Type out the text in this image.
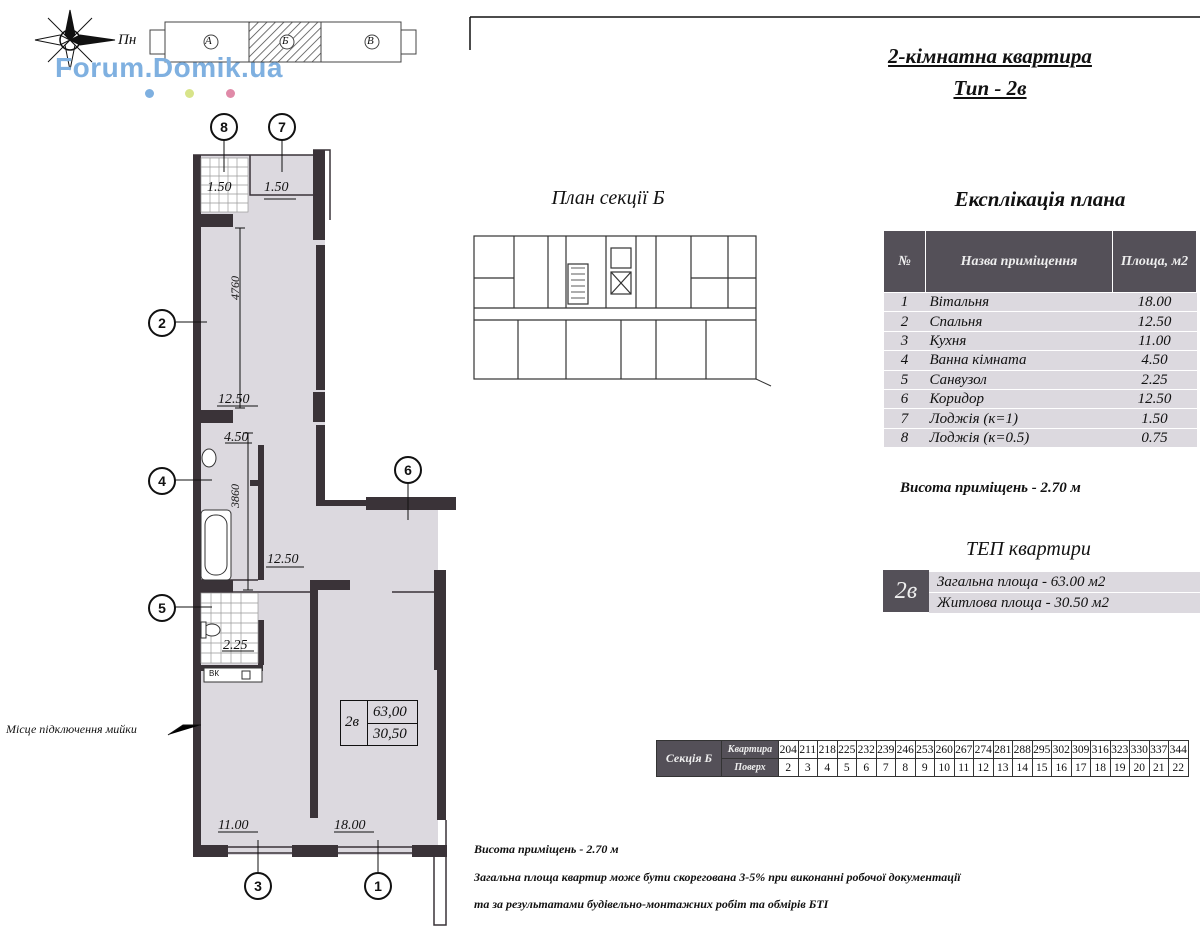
1.50 1.50
12.50
4.50
12.50
2.25
11.00	18.00
4760
3860
ВК
8	7
2
4
5
6
3	1
2в
63,00
30,50
Місце підключення мийки
Forum.Domik.ua
Пн	А	Б	В
2-кімнатна квартира
Тип - 2в
План секції Б	Експлікація плана
№	Назва приміщення	Площа, м2
1	Вітальня	18.00
2	Спальня	12.50
3	Кухня	11.00
4	Ванна кімната	4.50
5	Санвузол	2.25
6	Коридор	12.50
7	Лоджія (к=1)	1.50
8	Лоджія (к=0.5)	0.75
Висота приміщень - 2.70 м
ТЕП квартири
2в	Загальна площа - 63.00 м2
Житлова площа - 30.50 м2
Секція Б	Квартира	204	211	218	225	232	239	246	253	260	267	274	281	288	295	302	309	316	323	330	337	344
	Поверх	2	3	4	5	6	7	8	9	10	11	12	13	14	15	16	17	18	19	20	21	22
Висота приміщень - 2.70 м
Загальна площа квартир може бути скорегована 3-5% при виконанні робочої документації
та за результатами будівельно-монтажних робіт та обмірів БТІ
